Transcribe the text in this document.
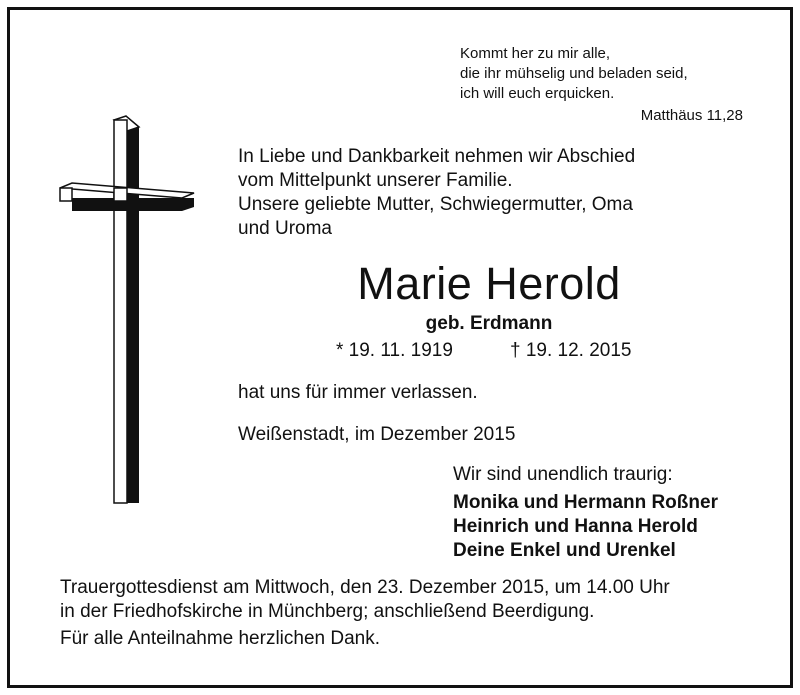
Kommt her zu mir alle,
die ihr mühselig und beladen seid,
ich will euch erquicken.
Matthäus 11,28
In Liebe und Dankbarkeit nehmen wir Abschied
vom Mittelpunkt unserer Familie.
Unsere geliebte Mutter, Schwiegermutter, Oma
und Uroma
Marie Herold
geb. Erdmann
* 19. 11. 1919	† 19. 12. 2015
hat uns für immer verlassen.
Weißenstadt, im Dezember 2015
Wir sind unendlich traurig:
Monika und Hermann Roßner
Heinrich und Hanna Herold
Deine Enkel und Urenkel
Trauergottesdienst am Mittwoch, den 23. Dezember 2015, um 14.00 Uhr
in der Friedhofskirche in Münchberg; anschließend Beerdigung.
Für alle Anteilnahme herzlichen Dank.
